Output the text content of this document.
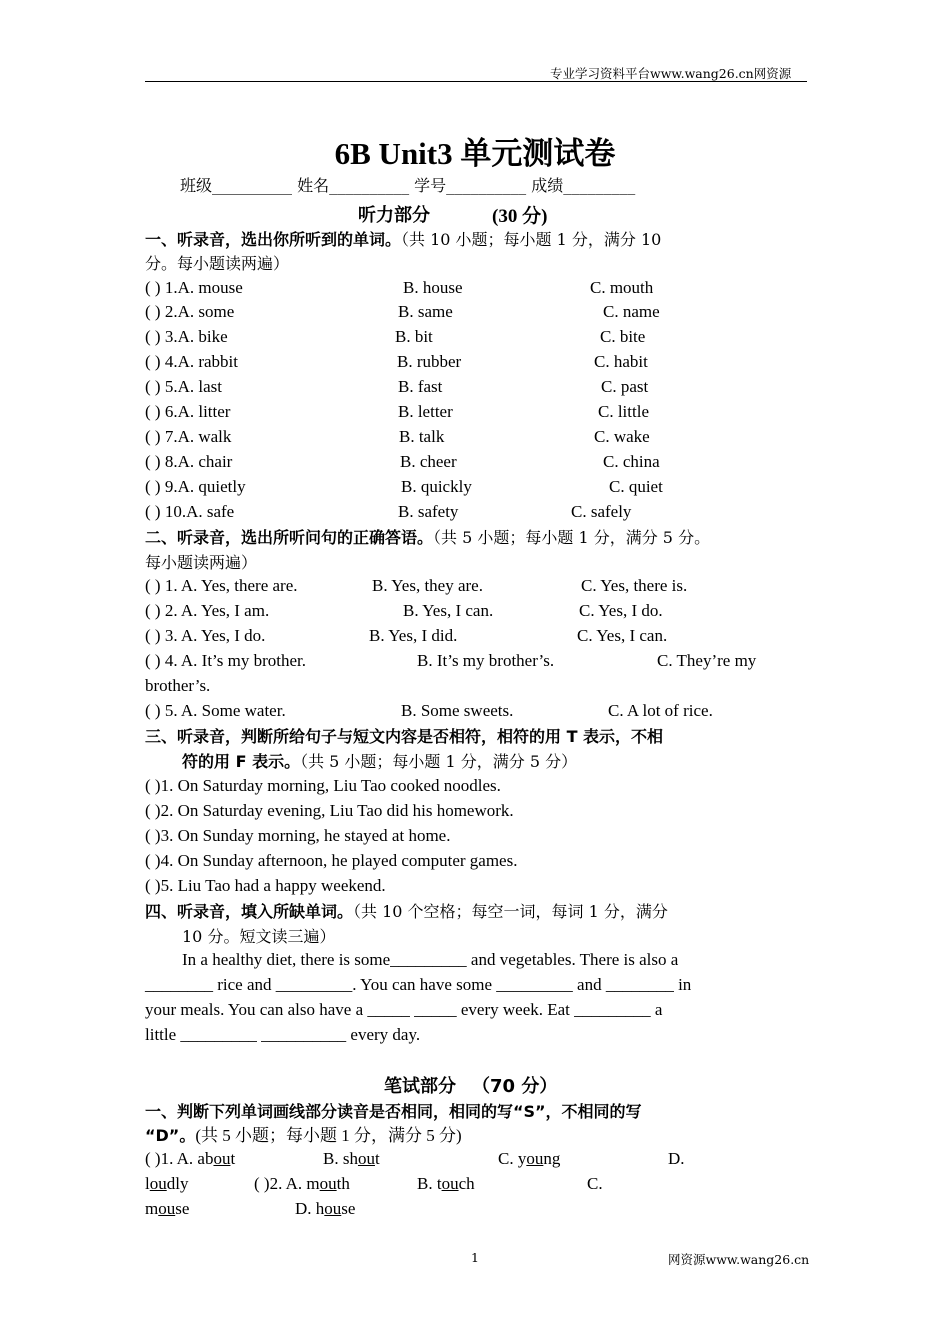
专业学习资料平台www.wang26.cn网资源
6B Unit3 单元测试卷
班级__________ 姓名__________ 学号__________ 成绩_________
听力部分	(30 分)
一、听录音，选出你所听到的单词。（共 10 小题；每小题 1 分，满分 10
分。每小题读两遍）
( ) 1.A. mouse	B. house	C. mouth
( ) 2.A. some	B. same	C. name
( ) 3.A. bike	B. bit	C. bite
( ) 4.A. rabbit	B. rubber	C. habit
( ) 5.A. last	B. fast	C. past
( ) 6.A. litter	B. letter	C. little
( ) 7.A. walk	B. talk	C. wake
( ) 8.A. chair	B. cheer	C. china
( ) 9.A. quietly	B. quickly	C. quiet
( ) 10.A. safe	B. safety	C. safely
二、听录音，选出所听问句的正确答语。（共 5 小题；每小题 1 分，满分 5 分。
每小题读两遍）
( ) 1. A. Yes, there are.	B. Yes, they are.	C. Yes, there is.
( ) 2. A. Yes, I am.	B. Yes, I can.	C. Yes, I do.
( ) 3. A. Yes, I do.	B. Yes, I did.	C. Yes, I can.
( ) 4. A. It’s my brother.	B. It’s my brother’s.	C. They’re my
brother’s.
( ) 5. A. Some water.	B. Some sweets.	C. A lot of rice.
三、听录音，判断所给句子与短文内容是否相符，相符的用 T 表示，不相
符的用 F 表示。（共 5 小题；每小题 1 分，满分 5 分）
( )1. On Saturday morning, Liu Tao cooked noodles.
( )2. On Saturday evening, Liu Tao did his homework.
( )3. On Sunday morning, he stayed at home.
( )4. On Sunday afternoon, he played computer games.
( )5. Liu Tao had a happy weekend.
四、听录音，填入所缺单词。（共 10 个空格；每空一词，每词 1 分，满分
10 分。短文读三遍）
In a healthy diet, there is some_________ and vegetables. There is also a
________ rice and _________. You can have some _________ and ________ in
your meals. You can also have a _____ _____ every week. Eat _________ a
little _________ __________ every day.
笔试部分 （70 分）
一、判断下列单词画线部分读音是否相同，相同的写“S”，不相同的写
“D”。(共 5 小题；每小题 1 分，满分 5 分)
( )1. A. about	B. shout	C. young	D.
loudly	( )2. A. mouth	B. touch	C.
mouse	D. house
1	网资源www.wang26.cn
